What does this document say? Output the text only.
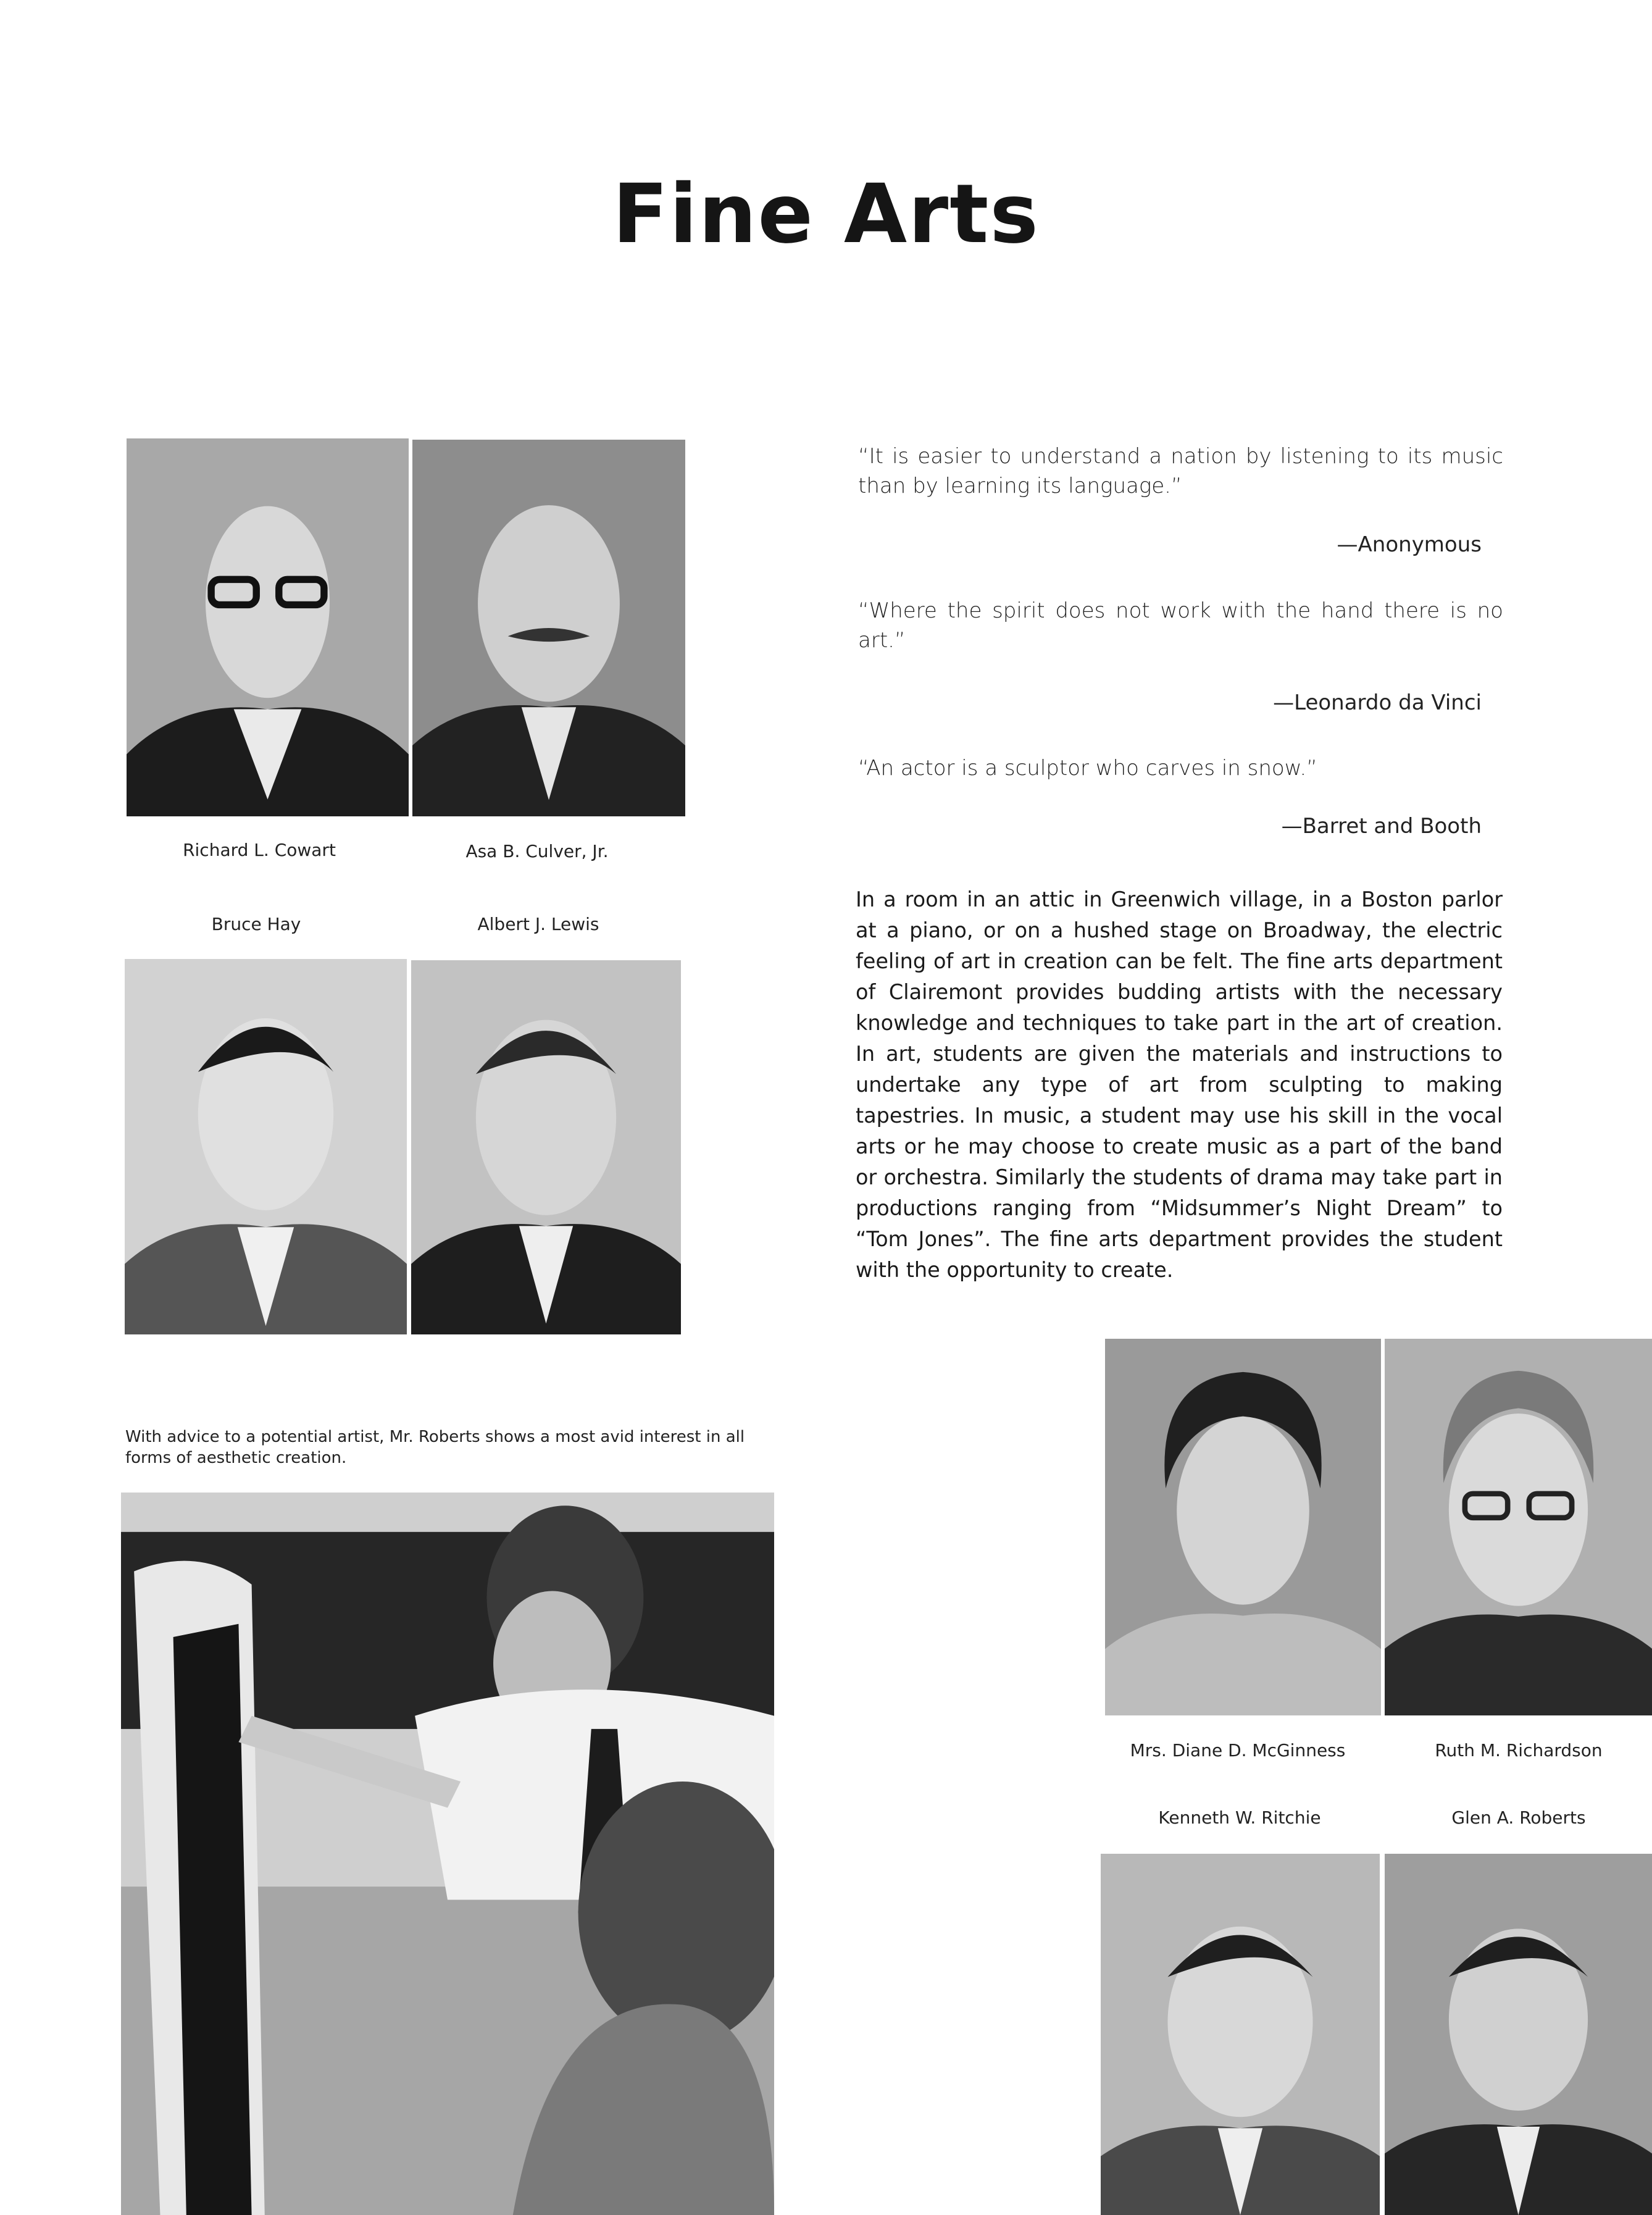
Fine Arts
Richard L. Cowart	Asa B. Culver, Jr.
Bruce Hay	Albert J. Lewis
“It is easier to understand a nation by listening to its music than by learning its language.”
—Anonymous
“Where the spirit does not work with the hand there is no art.”
—Leonardo da Vinci
“An actor is a sculptor who carves in snow.”
—Barret and Booth
In a room in an attic in Greenwich village, in a Boston parlor at a piano, or on a hushed stage on Broadway, the electric feeling of art in creation can be felt. The fine arts department of Clairemont provides budding artists with the necessary knowledge and techniques to take part in the art of creation. In art, students are given the materials and instructions to undertake any type of art from sculpting to making tapestries. In music, a student may use his skill in the vocal arts or he may choose to create music as a part of the band or orchestra. Similarly the students of drama may take part in productions ranging from “Midsummer’s Night Dream” to “Tom Jones”. The fine arts department provides the student with the opportunity to create.
Mrs. Diane D. McGinness	Ruth M. Richardson
Kenneth W. Ritchie	Glen A. Roberts
With advice to a potential artist, Mr. Roberts shows a most avid interest in all forms of aesthetic creation.
